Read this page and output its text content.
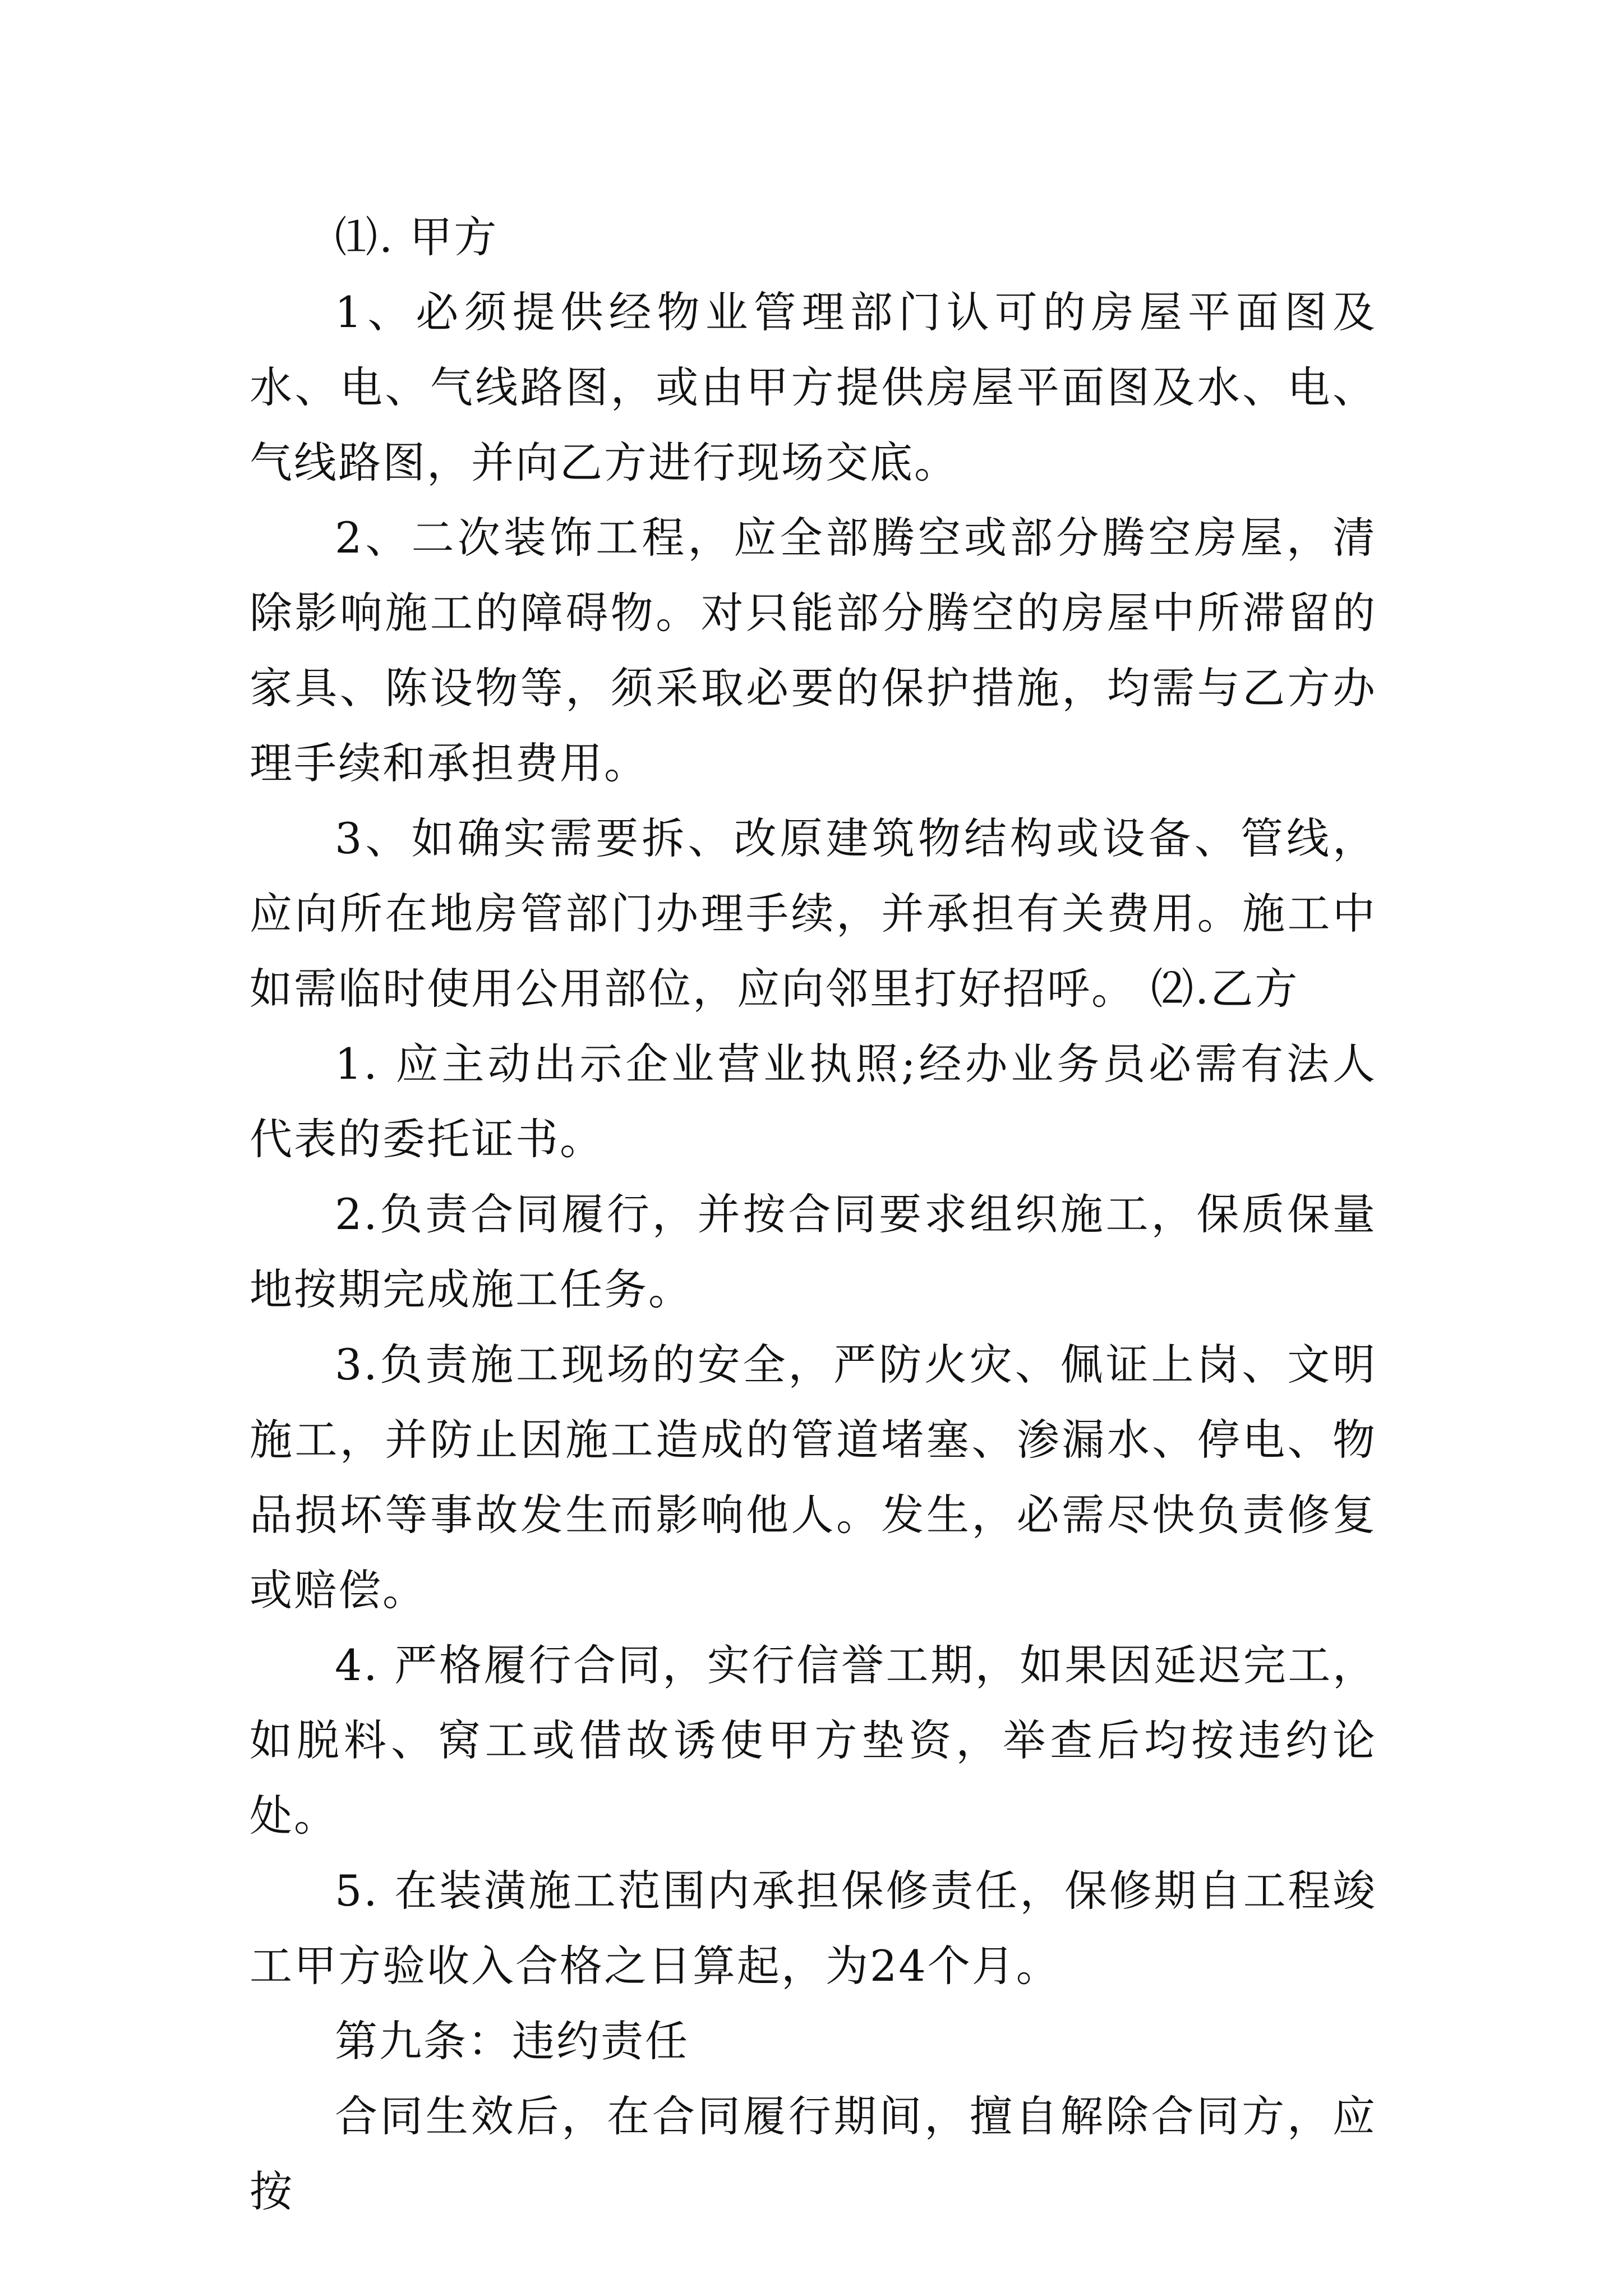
⑴. 甲方

1、必须提供经物业管理部门认可的房屋平面图及水、电、气线路图，或由甲方提供房屋平面图及水、电、气线路图，并向乙方进行现场交底。

2、二次装饰工程，应全部腾空或部分腾空房屋，清除影响施工的障碍物。对只能部分腾空的房屋中所滞留的家具、陈设物等，须采取必要的保护措施，均需与乙方办理手续和承担费用。

3、如确实需要拆、改原建筑物结构或设备、管线，应向所在地房管部门办理手续，并承担有关费用。施工中如需临时使用公用部位，应向邻里打好招呼。 ⑵.乙方

1. 应主动出示企业营业执照;经办业务员必需有法人代表的委托证书。

2.负责合同履行，并按合同要求组织施工，保质保量地按期完成施工任务。

3.负责施工现场的安全，严防火灾、佩证上岗、文明施工，并防止因施工造成的管道堵塞、渗漏水、停电、物品损坏等事故发生而影响他人。发生，必需尽快负责修复或赔偿。

4. 严格履行合同，实行信誉工期，如果因延迟完工，如脱料、窝工或借故诱使甲方垫资，举查后均按违约论处。

5. 在装潢施工范围内承担保修责任，保修期自工程竣工甲方验收入合格之日算起，为24个月。

第九条：违约责任

合同生效后，在合同履行期间，擅自解除合同方，应按
